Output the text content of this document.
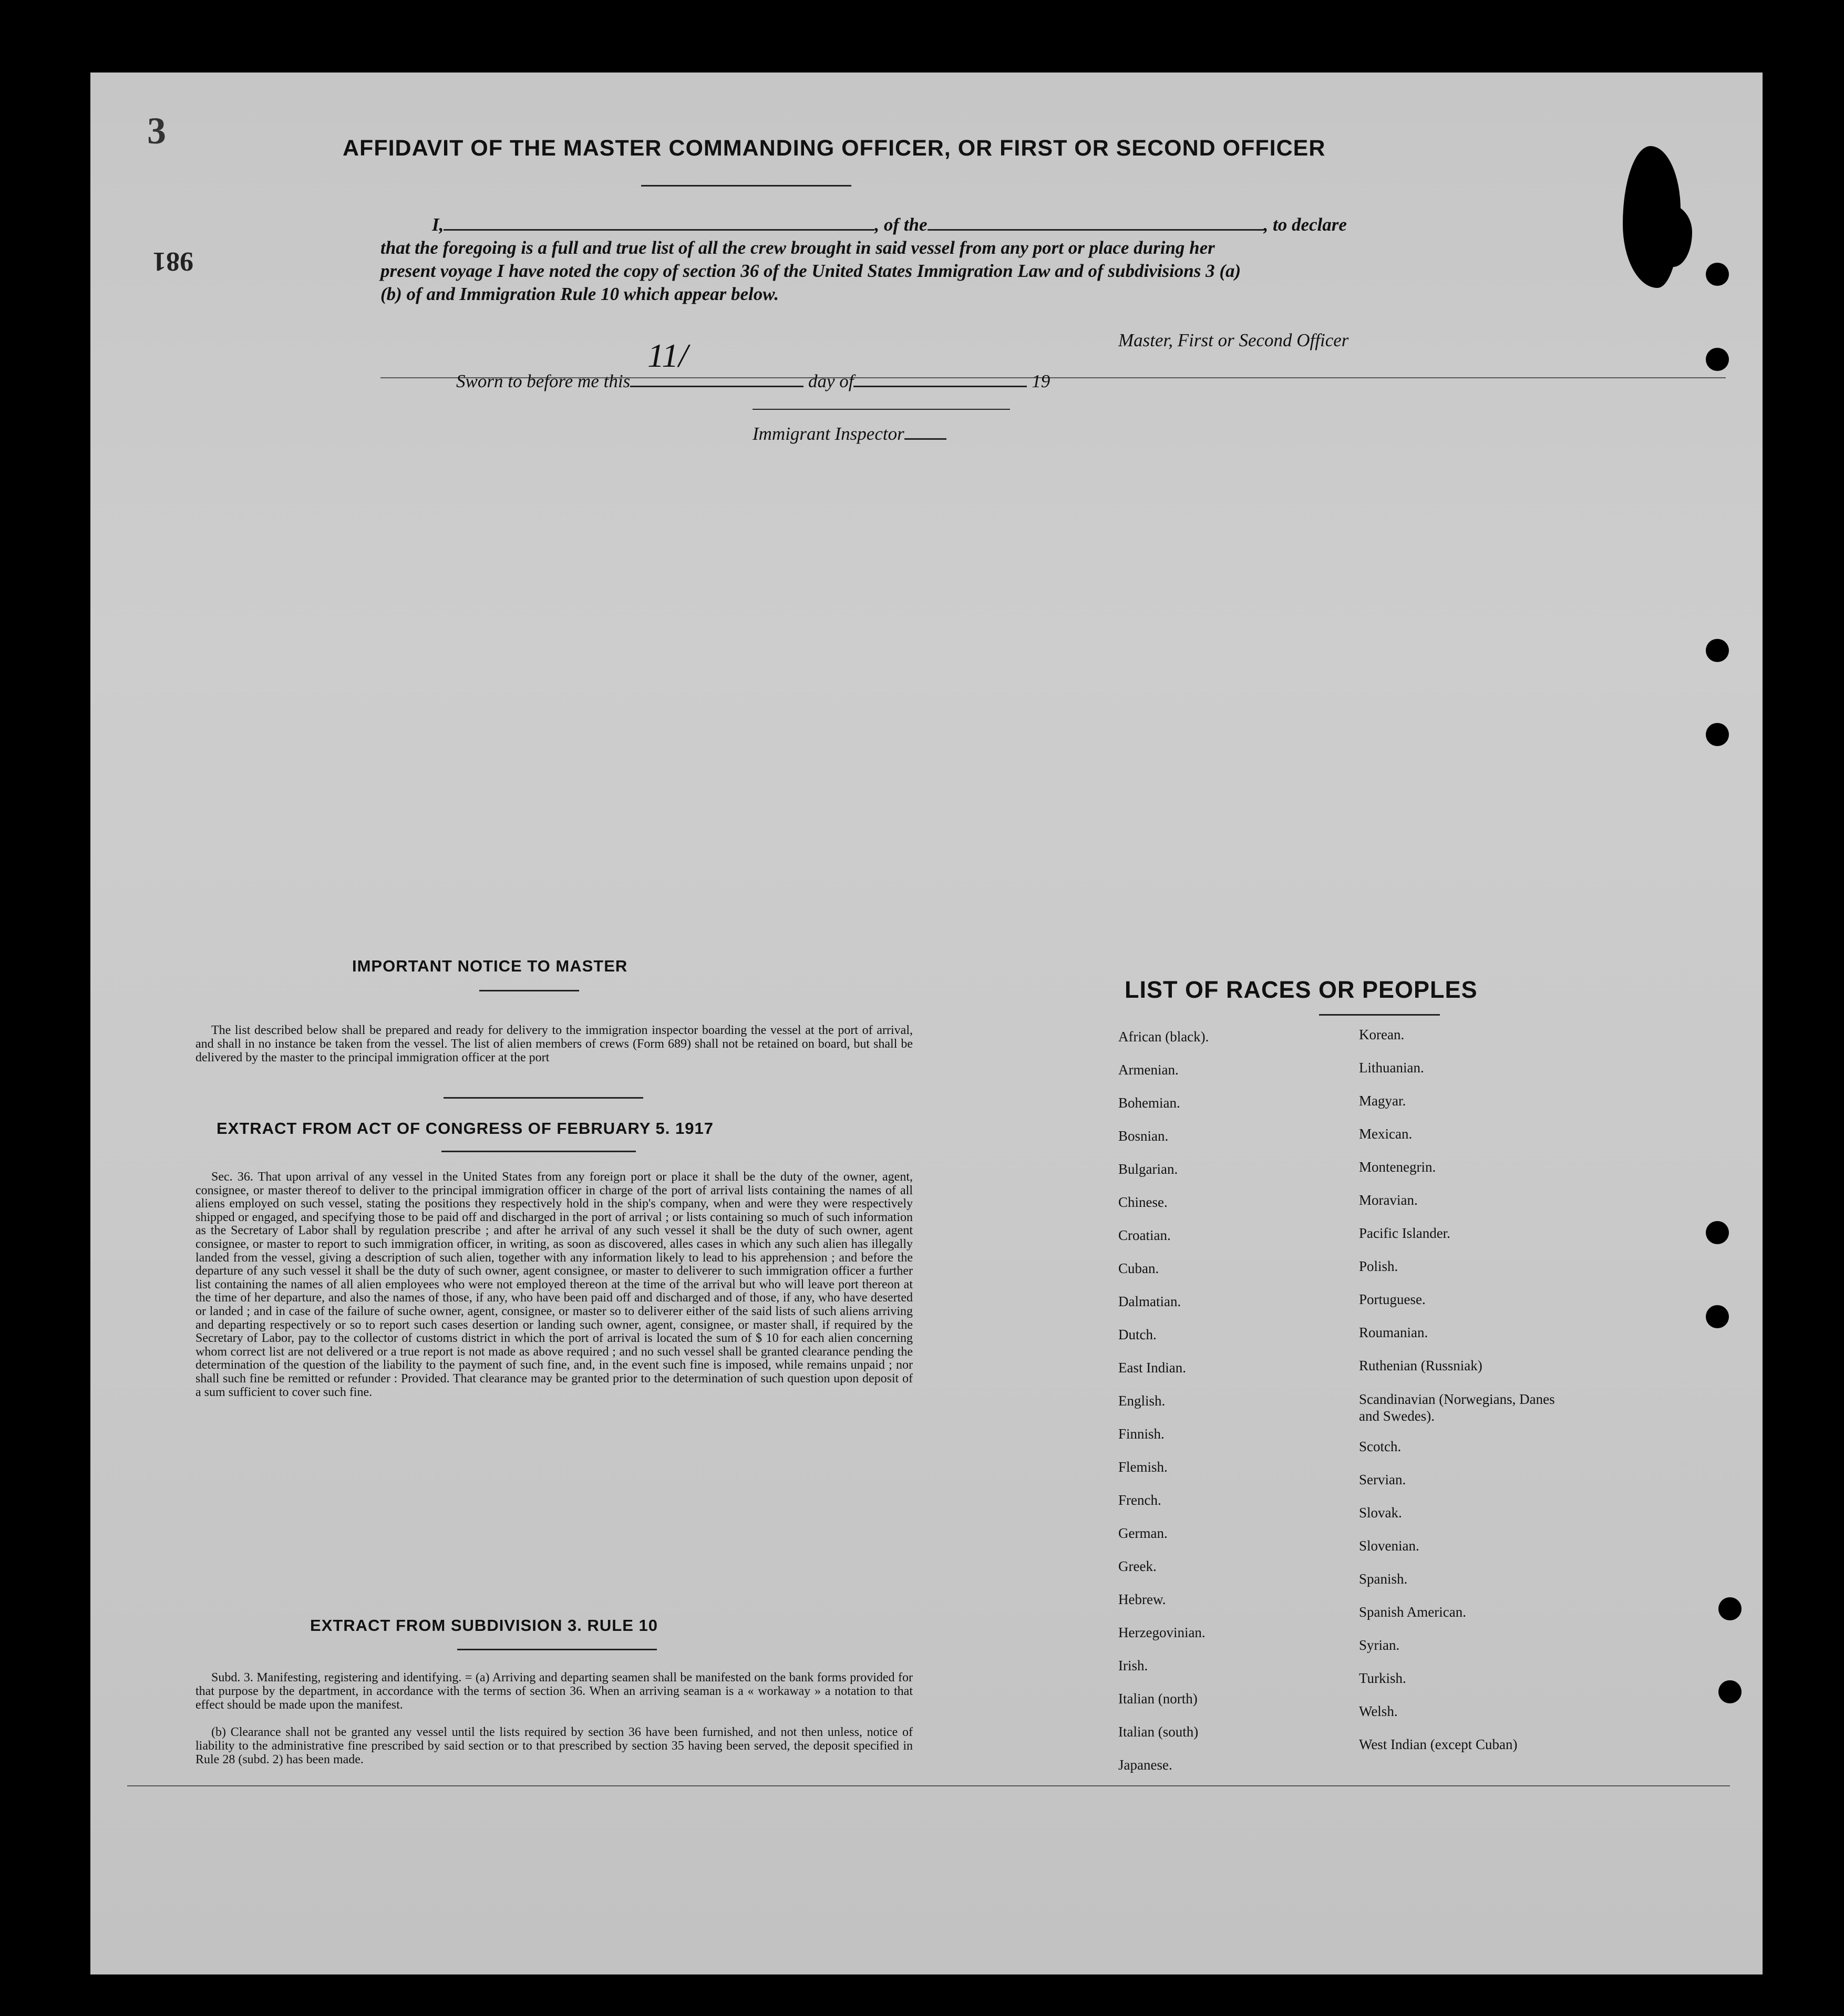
3
981
AFFIDAVIT OF THE MASTER COMMANDING OFFICER, OR FIRST OR SECOND OFFICER
I,	, of the	, to declare
that the foregoing is a full and true list of all the crew brought in said vessel from any port or place during her
present voyage I have noted the copy of section 36 of the United States Immigration Law and of subdivisions 3 (a)
(b) of and Immigration Rule 10 which appear below.
Master, First or Second Officer
Sworn to before me this	day of	19
11/
Immigrant Inspector
IMPORTANT NOTICE TO MASTER
The list described below shall be prepared and ready for delivery to the immigration inspector boarding the vessel at the port of arrival, and shall in no instance be taken from the vessel. The list of alien members of crews (Form 689) shall not be retained on board, but shall be delivered by the master to the principal immigration officer at the port
EXTRACT FROM ACT OF CONGRESS OF FEBRUARY 5. 1917
Sec. 36. That upon arrival of any vessel in the United States from any foreign port or place it shall be the duty of the owner, agent, consignee, or master thereof to deliver to the principal immigration officer in charge of the port of arrival lists containing the names of all aliens employed on such vessel, stating the positions they respectively hold in the ship's company, when and were they were respectively shipped or engaged, and specifying those to be paid off and discharged in the port of arrival ; or lists containing so much of such information as the Secretary of Labor shall by regulation prescribe ; and after he arrival of any such vessel it shall be the duty of such owner, agent consignee, or master to report to such immigration officer, in writing, as soon as discovered, alles cases in which any such alien has illegally landed from the vessel, giving a description of such alien, together with any information likely to lead to his apprehension ; and before the departure of any such vessel it shall be the duty of such owner, agent consignee, or master to deliverer to such immigration officer a further list containing the names of all alien employees who were not employed thereon at the time of the arrival but who will leave port thereon at the time of her departure, and also the names of those, if any, who have been paid off and discharged and of those, if any, who have deserted or landed ; and in case of the failure of suche owner, agent, consignee, or master so to deliverer either of the said lists of such aliens arriving and departing respectively or so to report such cases desertion or landing such owner, agent, consignee, or master shall, if required by the Secretary of Labor, pay to the collector of customs district in which the port of arrival is located the sum of $ 10 for each alien concerning whom correct list are not delivered or a true report is not made as above required ; and no such vessel shall be granted clearance pending the determination of the question of the liability to the payment of such fine, and, in the event such fine is imposed, while remains unpaid ; nor shall such fine be remitted or refunder : Provided. That clearance may be granted prior to the determination of such question upon deposit of a sum sufficient to cover such fine.
EXTRACT FROM SUBDIVISION 3. RULE 10
Subd. 3. Manifesting, registering and identifying. = (a) Arriving and departing seamen shall be manifested on the bank forms provided for that purpose by the department, in accordance with the terms of section 36. When an arriving seaman is a « workaway » a notation to that effect should be made upon the manifest.
(b) Clearance shall not be granted any vessel until the lists required by section 36 have been furnished, and not then unless, notice of liability to the administrative fine prescribed by said section or to that prescribed by section 35 having been served, the deposit specified in Rule 28 (subd. 2) has been made.
LIST OF RACES OR PEOPLES
African (black).
Armenian.
Bohemian.
Bosnian.
Bulgarian.
Chinese.
Croatian.
Cuban.
Dalmatian.
Dutch.
East Indian.
English.
Finnish.
Flemish.
French.
German.
Greek.
Hebrew.
Herzegovinian.
Irish.
Italian (north)
Italian (south)
Japanese.
Korean.
Lithuanian.
Magyar.
Mexican.
Montenegrin.
Moravian.
Pacific Islander.
Polish.
Portuguese.
Roumanian.
Ruthenian (Russniak)
Scandinavian (Norwegians, Danes and Swedes).
Scotch.
Servian.
Slovak.
Slovenian.
Spanish.
Spanish American.
Syrian.
Turkish.
Welsh.
West Indian (except Cuban)
